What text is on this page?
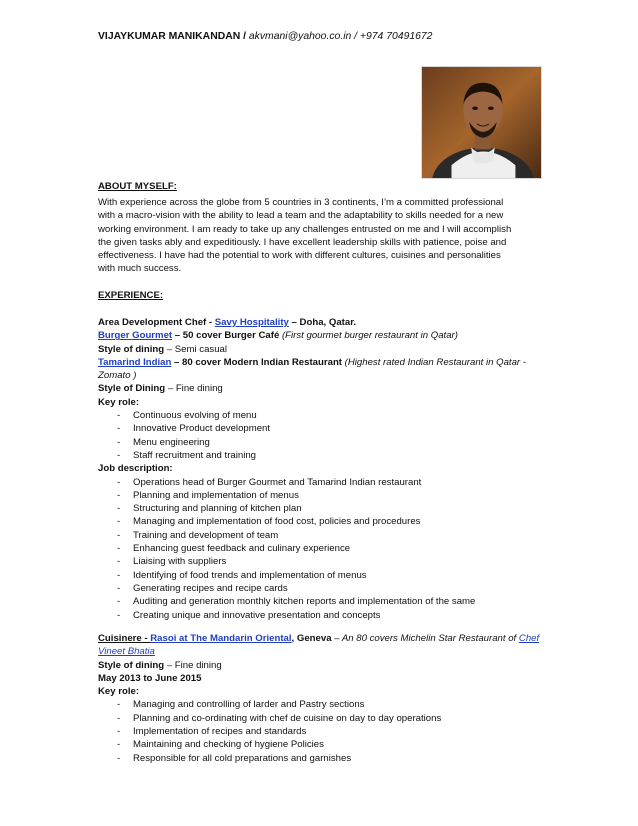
VIJAYKUMAR MANIKANDAN / akvmani@yahoo.co.in / +974 70491672

ABOUT MYSELF:

With experience across the globe from 5 countries in 3 continents, I’m a committed professional

with a macro-vision with the ability to lead a team and the adaptability to skills needed for a new

working environment. I am ready to take up any challenges entrusted on me and I will accomplish

the given tasks ably and expeditiously. I have excellent leadership skills with patience, poise and

effectiveness. I have had the potential to work with different cultures, cuisines and personalities

with much success.

EXPERIENCE:

Area Development Chef - Savy Hospitality – Doha, Qatar.

Burger Gourmet – 50 cover Burger Café (First gourmet burger restaurant in Qatar)

Style of dining – Semi casual

Tamarind Indian – 80 cover Modern Indian Restaurant (Highest rated Indian Restaurant in Qatar -

Zomato )

Style of Dining – Fine dining

Key role:

- Continuous evolving of menu
- Innovative Product development
- Menu engineering
- Staff recruitment and training

Job description:

- Operations head of Burger Gourmet and Tamarind Indian restaurant
- Planning and implementation of menus
- Structuring and planning of kitchen plan
- Managing and implementation of food cost, policies and procedures
- Training and development of team
- Enhancing guest feedback and culinary experience
- Liaising with suppliers
- Identifying of food trends and implementation of menus
- Generating recipes and recipe cards
- Auditing and generation monthly kitchen reports and implementation of the same
- Creating unique and innovative presentation and concepts

Cuisinere - Rasoi at The Mandarin Oriental, Geneva – An 80 covers Michelin Star Restaurant of Chef

Vineet Bhatia

Style of dining – Fine dining

May 2013 to June 2015

Key role:

- Managing and controlling of larder and Pastry sections
- Planning and co-ordinating with chef de cuisine on day to day operations
- Implementation of recipes and standards
- Maintaining and checking of hygiene Policies
- Responsible for all cold preparations and garnishes
